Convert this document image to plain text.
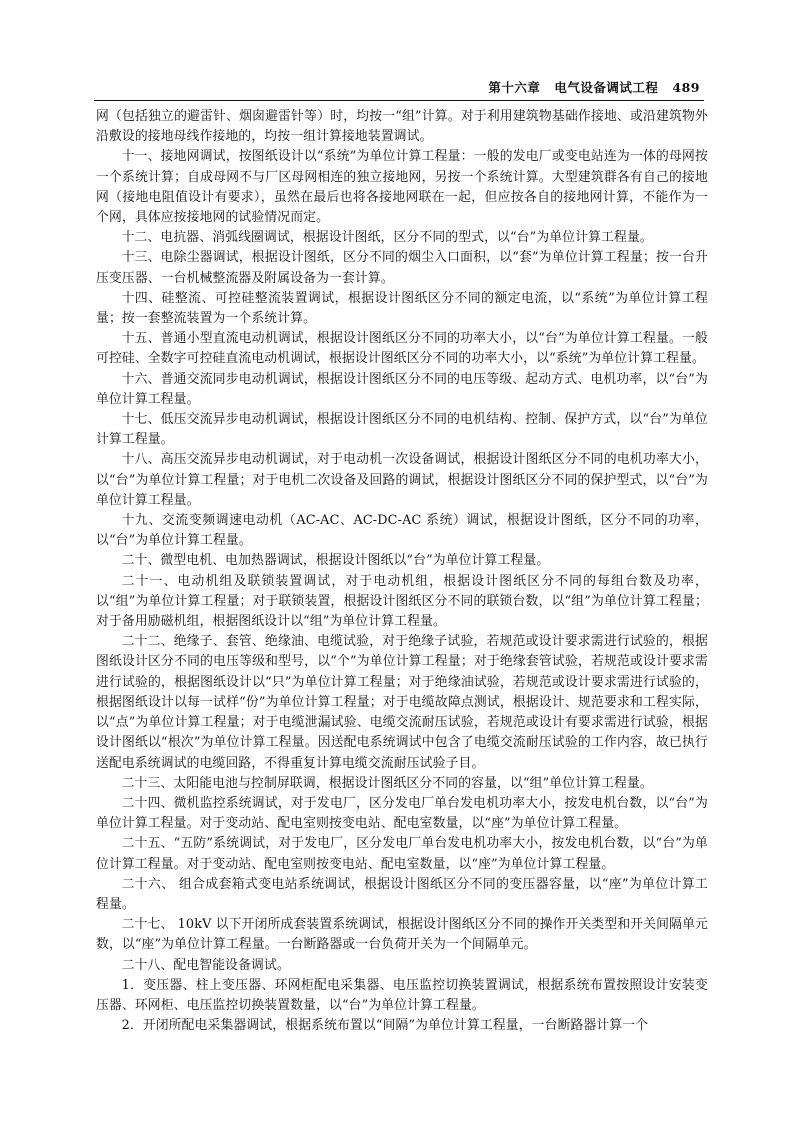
第十六章 电气设备调试工程 489

网（包括独立的避雷针、烟囱避雷针等）时，均按一“组”计算。对于利用建筑物基础作接地、或沿建筑物外沿敷设的接地母线作接地的，均按一组计算接地装置调试。

十一、接地网调试，按图纸设计以“系统”为单位计算工程量：一般的发电厂或变电站连为一体的母网按一个系统计算；自成母网不与厂区母网相连的独立接地网，另按一个系统计算。大型建筑群各有自己的接地网（接地电阻值设计有要求），虽然在最后也将各接地网联在一起，但应按各自的接地网计算，不能作为一个网，具体应按接地网的试验情况而定。

十二、电抗器、消弧线圈调试，根据设计图纸，区分不同的型式，以“台”为单位计算工程量。

十三、电除尘器调试，根据设计图纸，区分不同的烟尘入口面积，以“套”为单位计算工程量；按一台升压变压器、一台机械整流器及附属设备为一套计算。

十四、硅整流、可控硅整流装置调试，根据设计图纸区分不同的额定电流，以“系统”为单位计算工程量；按一套整流装置为一个系统计算。

十五、普通小型直流电动机调试，根据设计图纸区分不同的功率大小，以“台”为单位计算工程量。一般可控硅、全数字可控硅直流电动机调试，根据设计图纸区分不同的功率大小，以“系统”为单位计算工程量。

十六、普通交流同步电动机调试，根据设计图纸区分不同的电压等级、起动方式、电机功率，以“台”为单位计算工程量。

十七、低压交流异步电动机调试，根据设计图纸区分不同的电机结构、控制、保护方式，以“台”为单位计算工程量。

十八、高压交流异步电动机调试，对于电动机一次设备调试，根据设计图纸区分不同的电机功率大小，以“台”为单位计算工程量；对于电机二次设备及回路的调试，根据设计图纸区分不同的保护型式，以“台”为单位计算工程量。

十九、交流变频调速电动机（AC-AC、AC-DC-AC 系统）调试，根据设计图纸，区分不同的功率，以“台”为单位计算工程量。

二十、微型电机、电加热器调试，根据设计图纸以“台”为单位计算工程量。

二十一、电动机组及联锁装置调试，对于电动机组，根据设计图纸区分不同的每组台数及功率，以“组”为单位计算工程量；对于联锁装置，根据设计图纸区分不同的联锁台数，以“组”为单位计算工程量；对于备用励磁机组，根据图纸设计以“组”为单位计算工程量。

二十二、绝缘子、套管、绝缘油、电缆试验，对于绝缘子试验，若规范或设计要求需进行试验的，根据图纸设计区分不同的电压等级和型号，以“个”为单位计算工程量；对于绝缘套管试验，若规范或设计要求需进行试验的，根据图纸设计以“只”为单位计算工程量；对于绝缘油试验，若规范或设计要求需进行试验的，根据图纸设计以每一试样“份”为单位计算工程量；对于电缆故障点测试，根据设计、规范要求和工程实际，以“点”为单位计算工程量；对于电缆泄漏试验、电缆交流耐压试验，若规范或设计有要求需进行试验，根据设计图纸以“根次”为单位计算工程量。因送配电系统调试中包含了电缆交流耐压试验的工作内容，故已执行送配电系统调试的电缆回路，不得重复计算电缆交流耐压试验子目。

二十三、太阳能电池与控制屏联调，根据设计图纸区分不同的容量，以“组”单位计算工程量。

二十四、微机监控系统调试，对于发电厂，区分发电厂单台发电机功率大小，按发电机台数，以“台”为单位计算工程量。对于变动站、配电室则按变电站、配电室数量，以“座”为单位计算工程量。

二十五、“五防”系统调试，对于发电厂，区分发电厂单台发电机功率大小，按发电机台数，以“台”为单位计算工程量。对于变动站、配电室则按变电站、配电室数量，以“座”为单位计算工程量。

二十六、 组合成套箱式变电站系统调试，根据设计图纸区分不同的变压器容量，以“座”为单位计算工程量。

二十七、 10kV 以下开闭所成套装置系统调试，根据设计图纸区分不同的操作开关类型和开关间隔单元数，以“座”为单位计算工程量。一台断路器或一台负荷开关为一个间隔单元。

二十八、配电智能设备调试。

1．变压器、柱上变压器、环网柜配电采集器、电压监控切换装置调试，根据系统布置按照设计安装变压器、环网柜、电压监控切换装置数量，以“台”为单位计算工程量。

2．开闭所配电采集器调试，根据系统布置以“间隔”为单位计算工程量，一台断路器计算一个
